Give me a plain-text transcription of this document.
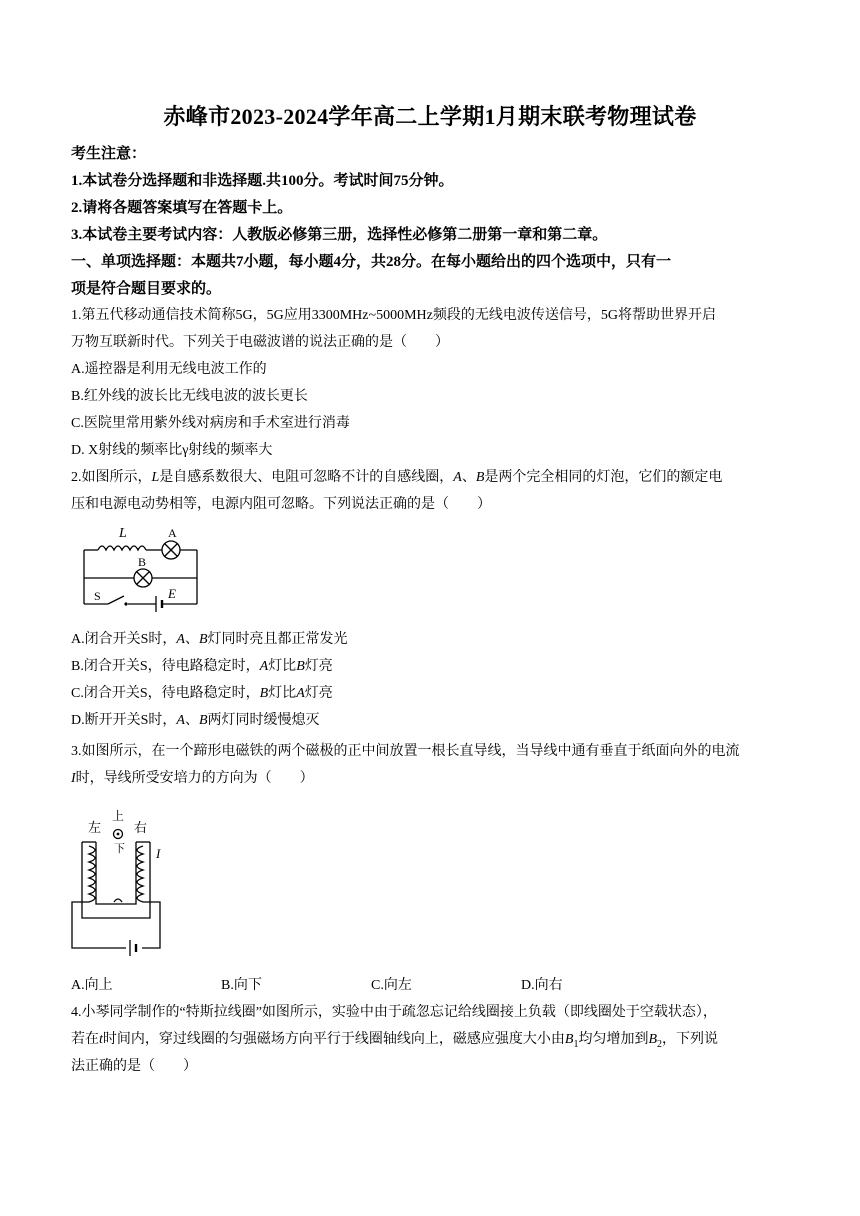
赤峰市2023-2024学年高二上学期1月期末联考物理试卷
考生注意：
1.本试卷分选择题和非选择题.共100分。考试时间75分钟。
2.请将各题答案填写在答题卡上。
3.本试卷主要考试内容：人教版必修第三册，选择性必修第二册第一章和第二章。
一、单项选择题：本题共7小题，每小题4分，共28分。在每小题给出的四个选项中，只有一
项是符合题目要求的。
1.第五代移动通信技术简称5G，5G应用3300MHz~5000MHz频段的无线电波传送信号，5G将帮助世界开启
万物互联新时代。下列关于电磁波谱的说法正确的是（　　）
A.遥控器是利用无线电波工作的
B.红外线的波长比无线电波的波长更长
C.医院里常用紫外线对病房和手术室进行消毒
D. X射线的频率比γ射线的频率大
2.如图所示，L是自感系数很大、电阻可忽略不计的自感线圈，A、B是两个完全相同的灯泡，它们的额定电
压和电源电动势相等，电源内阻可忽略。下列说法正确的是（　　）
L	A
B
S	E
A.闭合开关S时，A、B灯同时亮且都正常发光
B.闭合开关S，待电路稳定时，A灯比B灯亮
C.闭合开关S，待电路稳定时，B灯比A灯亮
D.断开开关S时，A、B两灯同时缓慢熄灭
3.如图所示，在一个蹄形电磁铁的两个磁极的正中间放置一根长直导线，当导线中通有垂直于纸面向外的电流
I时，导线所受安培力的方向为（　　）
左
上
右
下 I
A.向上	B.向下	C.向左	D.向右
4.小琴同学制作的“特斯拉线圈”如图所示，实验中由于疏忽忘记给线圈接上负载（即线圈处于空载状态），
若在t时间内，穿过线圈的匀强磁场方向平行于线圈轴线向上，磁感应强度大小由$B_1$均匀增加到$B_2$，下列说
法正确的是（　　）
